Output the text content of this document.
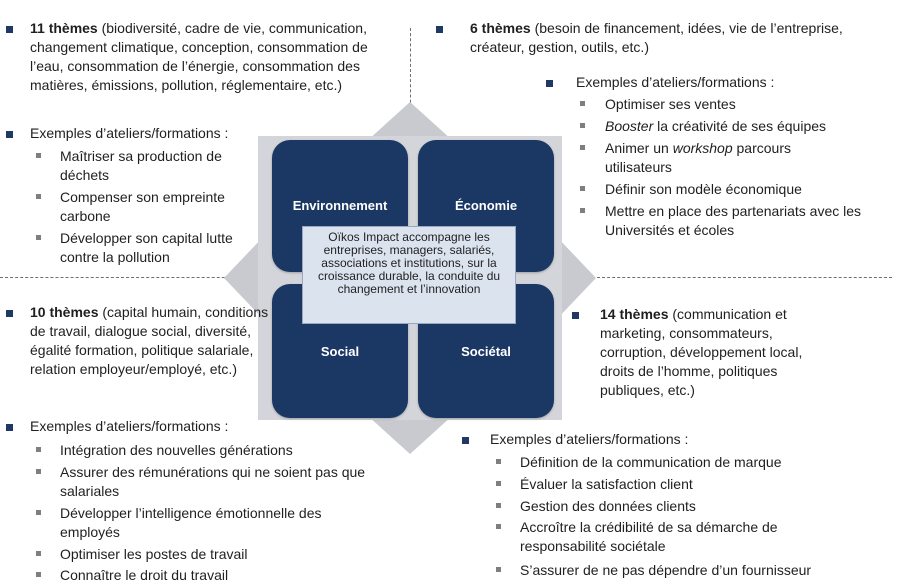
Environnement	Économie
Social	Sociétal
Oïkos Impact accompagne les entreprises, managers, salariés, associations et institutions, sur la croissance durable, la conduite du changement et l’innovation
11 thèmes (biodiversité, cadre de vie, communication, changement climatique, conception, consommation de l’eau, consommation de l’énergie, consommation des matières, émissions, pollution, réglementaire, etc.)
Exemples d’ateliers/formations :
Maîtriser sa production de déchets
Compenser son empreinte carbone
Développer son capital lutte contre la pollution
6 thèmes (besoin de financement, idées, vie de l’entreprise, créateur, gestion, outils, etc.)
Exemples d’ateliers/formations :
Optimiser ses ventes
Booster la créativité de ses équipes
Animer un workshop parcours utilisateurs
Définir son modèle économique
Mettre en place des partenariats avec les Universités et écoles
10 thèmes (capital humain, conditions de travail, dialogue social, diversité, égalité formation, politique salariale, relation employeur/employé, etc.)
Exemples d’ateliers/formations :
Intégration des nouvelles générations
Assurer des rémunérations qui ne soient pas que salariales
Développer l’intelligence émotionnelle des employés
Optimiser les postes de travail
Connaître le droit du travail
14 thèmes (communication et marketing, consommateurs, corruption, développement local, droits de l’homme, politiques publiques, etc.)
Exemples d’ateliers/formations :
Définition de la communication de marque
Évaluer la satisfaction client
Gestion des données clients
Accroître la crédibilité de sa démarche de responsabilité sociétale
S’assurer de ne pas dépendre d’un fournisseur
